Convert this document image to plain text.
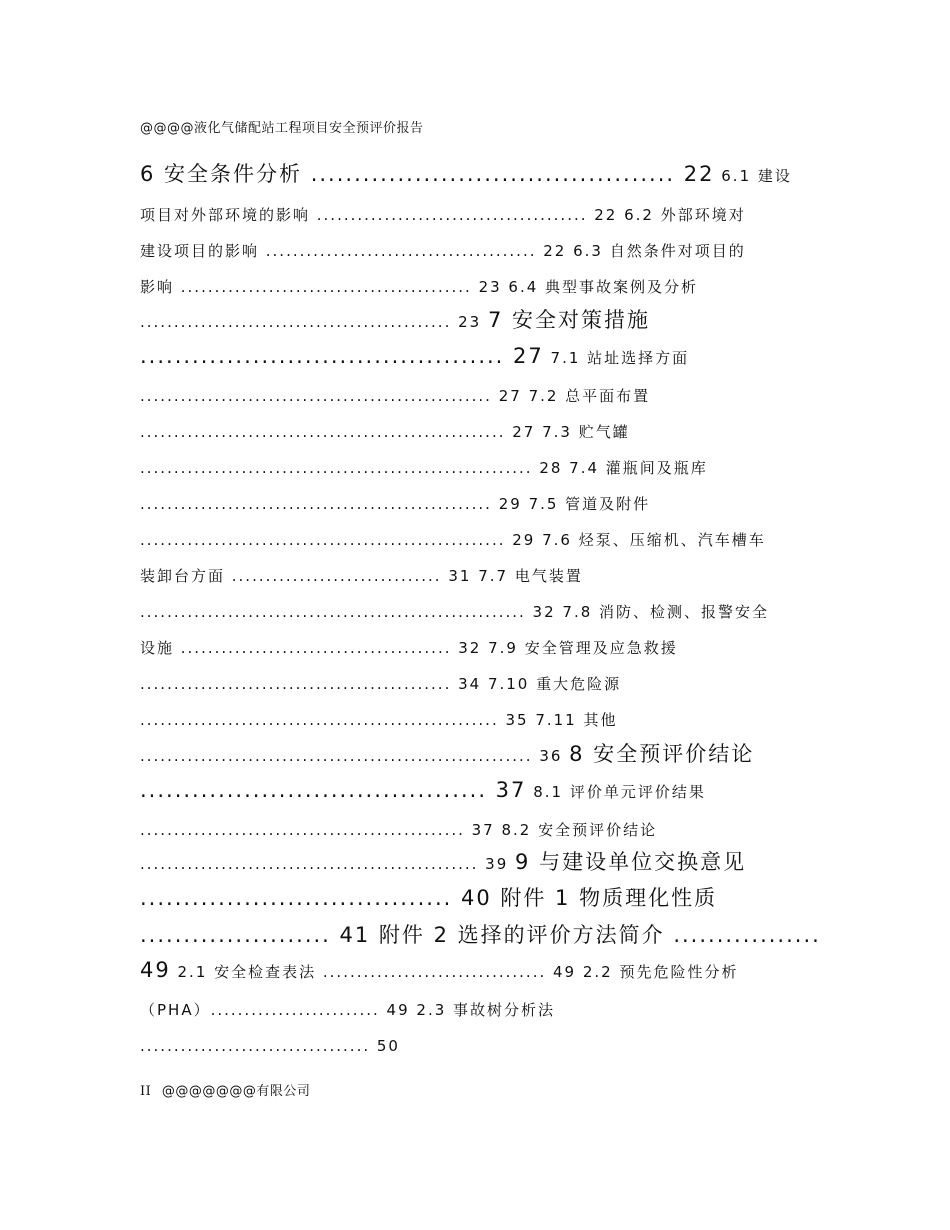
@@@@液化气储配站工程项目安全预评价报告
6 安全条件分析 .......................................... 22 6.1 建设
项目对外部环境的影响 ........................................ 22 6.2 外部环境对
建设项目的影响 ........................................ 22 6.3 自然条件对项目的
影响 ........................................... 23 6.4 典型事故案例及分析
.............................................. 23 7 安全对策措施
.......................................... 27 7.1 站址选择方面
.................................................... 27 7.2 总平面布置
...................................................... 27 7.3 贮气罐
.......................................................... 28 7.4 灌瓶间及瓶库
.................................................... 29 7.5 管道及附件
...................................................... 29 7.6 烃泵、压缩机、汽车槽车
装卸台方面 ............................... 31 7.7 电气装置
......................................................... 32 7.8 消防、检测、报警安全
设施 ........................................ 32 7.9 安全管理及应急救援
.............................................. 34 7.10 重大危险源
..................................................... 35 7.11 其他
.......................................................... 36 8 安全预评价结论
........................................ 37 8.1 评价单元评价结果
................................................ 37 8.2 安全预评价结论
.................................................. 39 9 与建设单位交换意见
.................................... 40 附件 1 物质理化性质
...................... 41 附件 2 选择的评价方法简介 .................
49 2.1 安全检查表法 ................................. 49 2.2 预先危险性分析
（PHA）......................... 49 2.3 事故树分析法
.................................. 50
II @@@@@@@有限公司
